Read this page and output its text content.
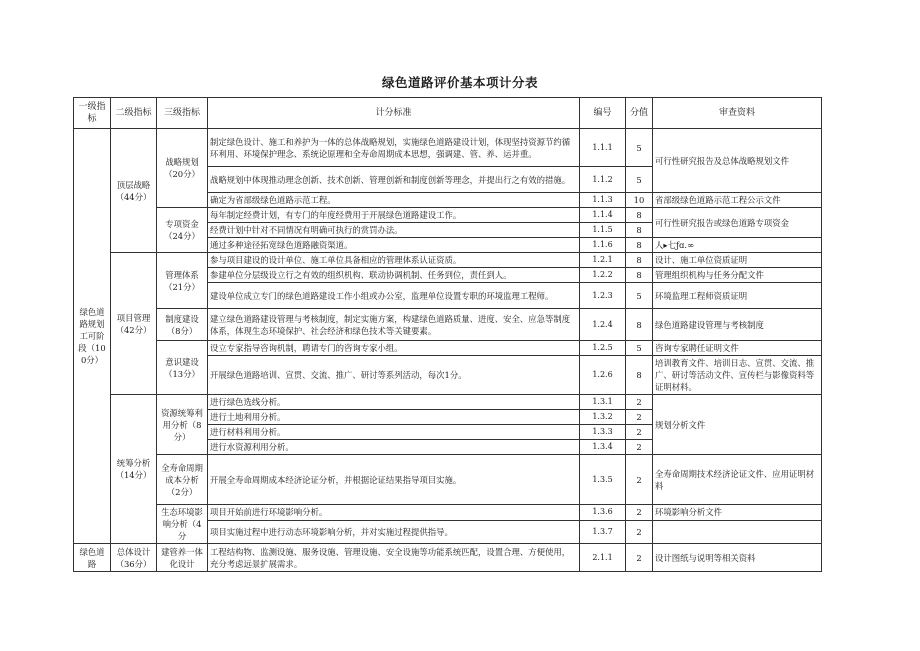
绿色道路评价基本项计分表
一级指标	二级指标	三级指标	计分标准	编号	分值	审查资料
绿色道路规划工可阶段（100分）	顶层战略（44分）	战略规划（20分）	制定绿色设计、施工和养护为一体的总体战略规划，实施绿色道路建设计划，体现坚持资源节约循环利用、环境保护理念、系统论原理和全寿命周期成本思想，强调建、管、养、运并重。	1.1.1	5	可行性研究报告及总体战略规划文件
			战略规划中体现推动理念创新、技术创新、管理创新和制度创新等理念，并提出行之有效的措施。	1.1.2	5	
			确定为省部级绿色道路示范工程。	1.1.3	10	省部级绿色道路示范工程公示文件
		专项资金（24分）	每年制定经费计划，有专门的年度经费用于开展绿色道路建设工作。	1.1.4	8	可行性研究报告或绿色道路专项资金
			经费计划中针对不同情况有明确可执行的赏罚办法。	1.1.5	8	
			通过多种途径拓宽绿色道路融资渠道。	1.1.6	8	人▸七ƒɑ.∞
	项目管理（42分）	管理体系（21分）	参与项目建设的设计单位、施工单位具备相应的管理体系认证资质。	1.2.1	8	设计、施工单位资质证明
			参建单位分层级设立行之有效的组织机构、联动协调机制、任务到位，责任到人。	1.2.2	8	管理组织机构与任务分配文件
			建设单位成立专门的绿色道路建设工作小组或办公室，监理单位设置专职的环境监理工程师。	1.2.3	5	环境监理工程师资质证明
		制度建设（8分）	建立绿色道路建设管理与考核制度，制定实施方案，构建绿色道路质量、进度、安全、应急等制度体系，体现生态环境保护、社会经济和绿色技术等关键要素。	1.2.4	8	绿色道路建设管理与考核制度
		意识建设（13分）	设立专家指导咨询机制，聘请专门的咨询专家小组。	1.2.5	5	咨询专家聘任证明文件
			开展绿色道路培训、宣贯、交流、推广、研讨等系列活动，每次1分。	1.2.6	8	培训教育文件、培训日志、宣贯、交流、推广、研讨等活动文件、宣传栏与影像资料等证明材料。
	统筹分析（14分）	资源统筹利用分析（8分）	进行绿色选线分析。	1.3.1	2	规划分析文件
			进行土地利用分析。	1.3.2	2	
			进行材料利用分析。	1.3.3	2	
			进行水资源利用分析。	1.3.4	2	
		全寿命周期成本分析（2分）	开展全寿命周期成本经济论证分析，并根据论证结果指导项目实施。	1.3.5	2	全寿命周期技术经济论证文件、应用证明材料
		生态环境影响分析（4分	项目开始前进行环境影响分析。	1.3.6	2	环境影响分析文件
			项目实施过程中进行动态环境影响分析，并对实施过程提供指导。	1.3.7	2	
绿色道路	总体设计（36分）	建管养一体化设计	工程结构物、监测设施、服务设施、管理设施、安全设施等功能系统匹配，设置合理、方便使用，充分考虑远景扩展需求。	2.1.1	2	设计图纸与说明等相关资料
